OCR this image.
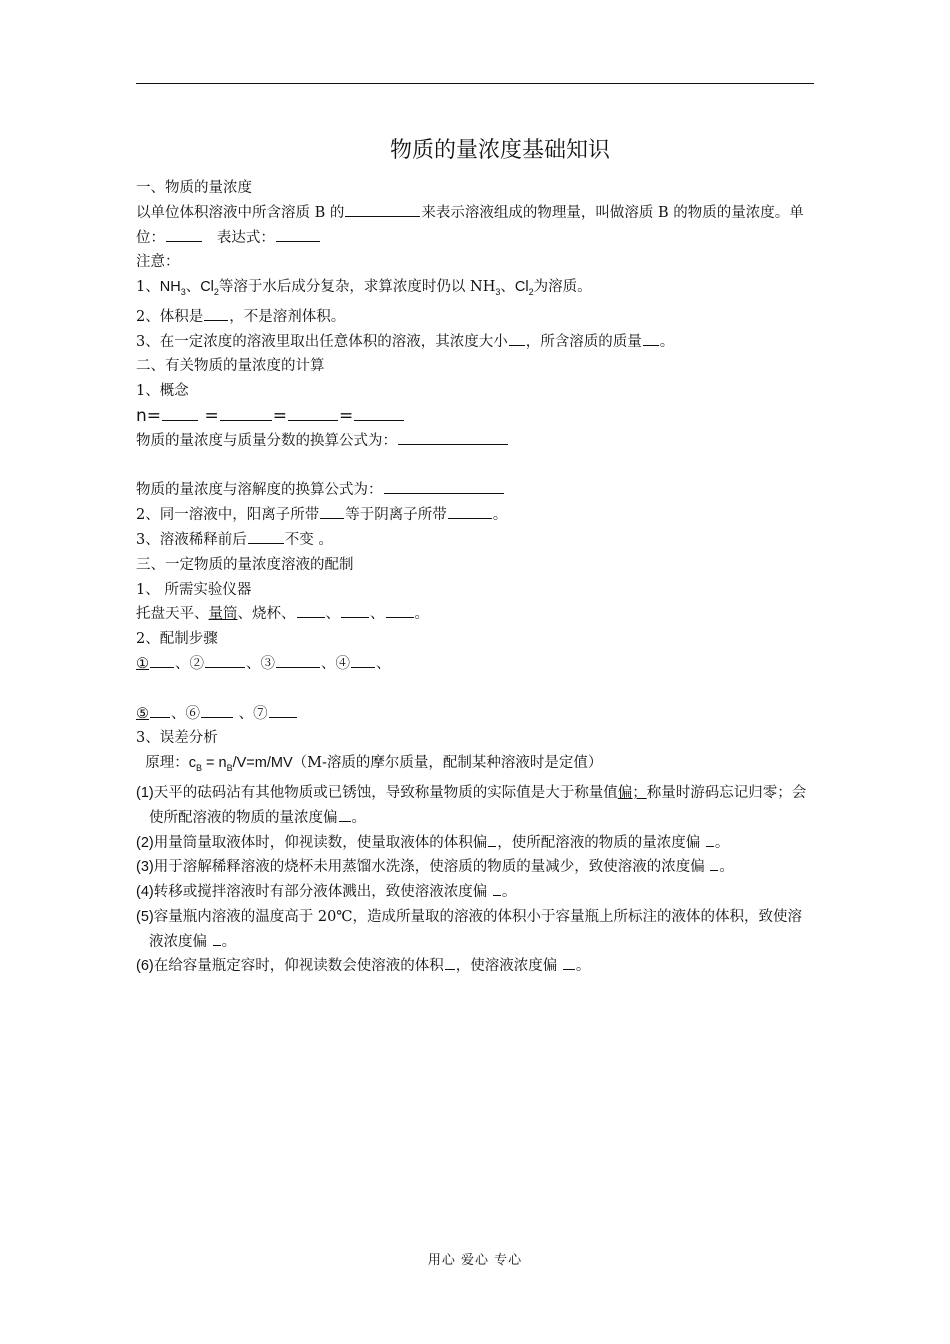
物质的量浓度基础知识
一、物质的量浓度
以单位体积溶液中所含溶质 B 的	来表示溶液组成的物理量，叫做溶质 B 的物质的量浓度。单位：	表达式：
注意：
1、$NH_3$、$Cl_2$等溶于水后成分复杂，求算浓度时仍以 $NH_3$、$Cl_2$为溶质。
2、体积是 ，不是溶剂体积。
3、在一定浓度的溶液里取出任意体积的溶液，其浓度大小 ，所含溶质的质量 。
二、有关物质的量浓度的计算
1、概念
n=	=	=	=
物质的量浓度与质量分数的换算公式为：
物质的量浓度与溶解度的换算公式为：
2、同一溶液中，阳离子所带 等于阴离子所带	。
3、溶液稀释前后	不变 。
三、一定物质的量浓度溶液的配制
1、 所需实验仪器
托盘天平、量筒、烧杯、 、 、 。
2、配制步骤
① 、②	、③	、④ 、
⑤ 、⑥	、⑦
3、误差分析
原理：$c_B = n_B/V=m/MV(M-$溶质的摩尔质量，配制某种溶液时是定值）
(1)天平的砝码沾有其他物质或已锈蚀，导致称量物质的实际值是大于称量值偏；称量时游码忘记归零；会使所配溶液的物质的量浓度偏 。
(2)用量筒量取液体时，仰视读数，使量取液体的体积偏 ，使所配溶液的物质的量浓度偏 。
(3)用于溶解稀释溶液的烧杯未用蒸馏水洗涤，使溶质的物质的量减少，致使溶液的浓度偏 。
(4)转移或搅拌溶液时有部分液体溅出，致使溶液浓度偏 。
(5)容量瓶内溶液的温度高于 20℃，造成所量取的溶液的体积小于容量瓶上所标注的液体的体积，致使溶液浓度偏 。
(6)在给容量瓶定容时，仰视读数会使溶液的体积 ，使溶液浓度偏 。
用心 爱心 专心
